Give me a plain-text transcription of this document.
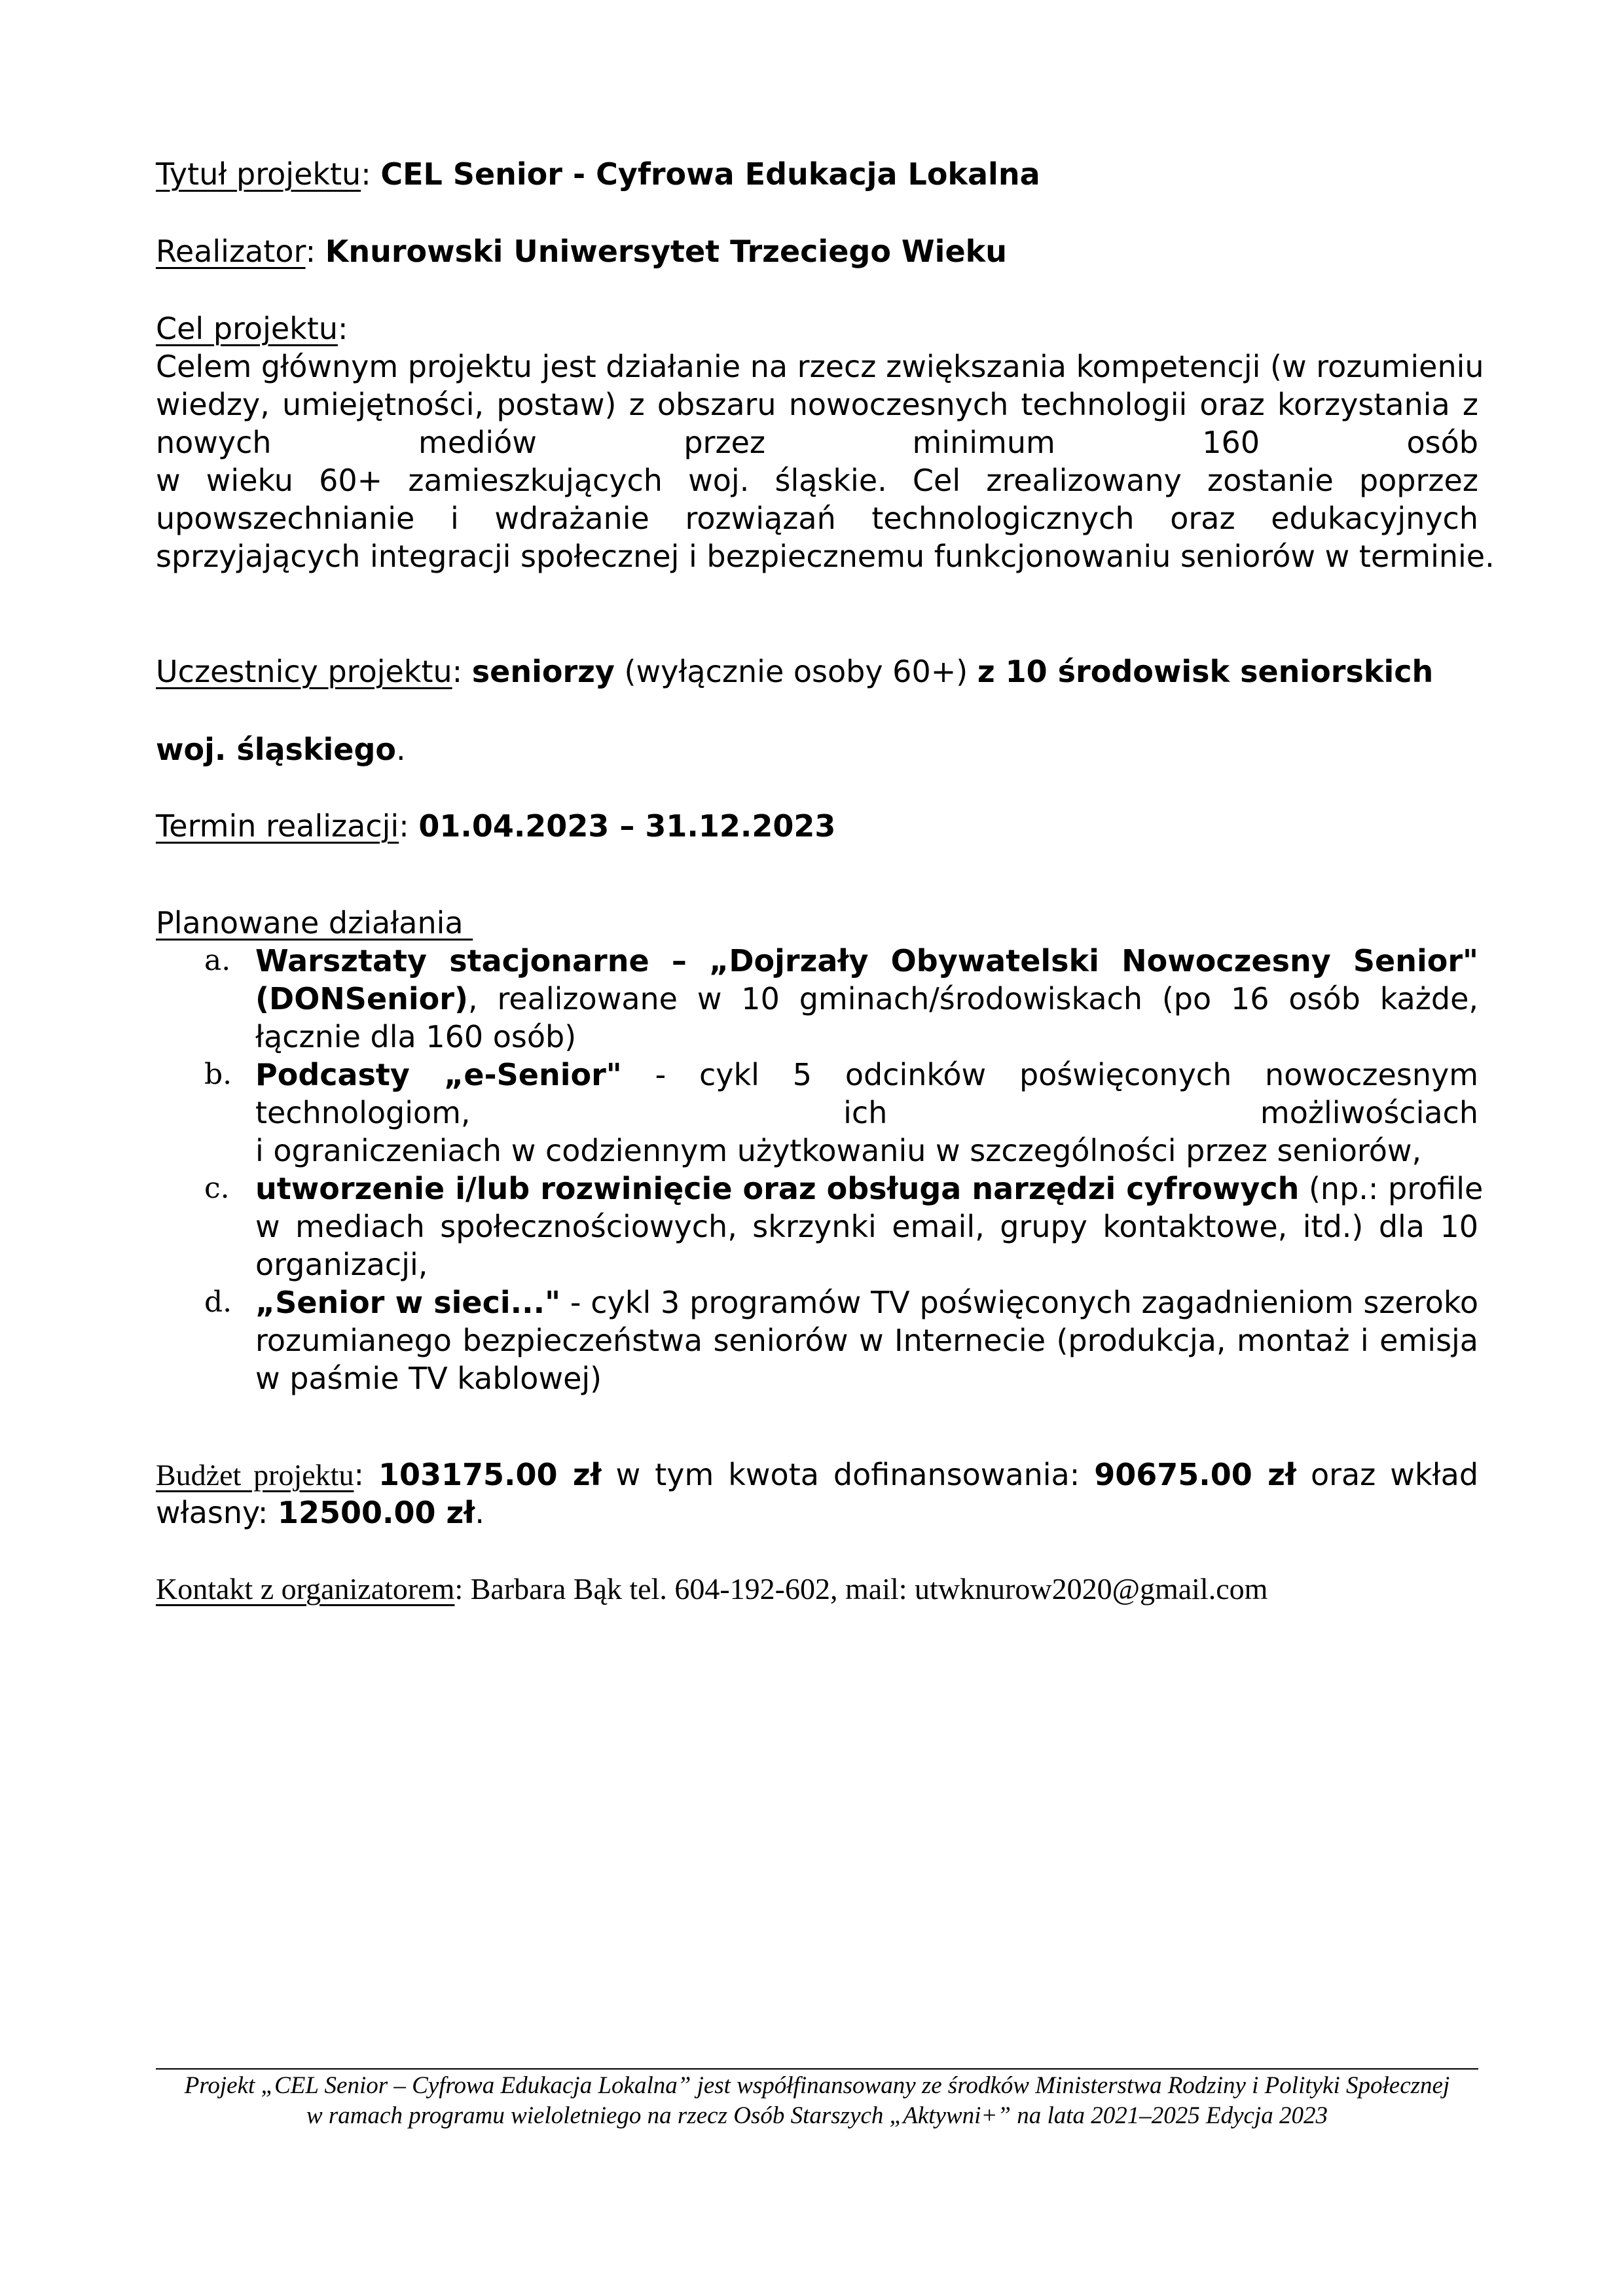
Tytuł projektu: CEL Senior - Cyfrowa Edukacja Lokalna
Realizator: Knurowski Uniwersytet Trzeciego Wieku
Cel projektu:
Celem głównym projektu jest działanie na rzecz zwiększania kompetencji (w rozumieniu
wiedzy, umiejętności, postaw) z obszaru nowoczesnych technologii oraz korzystania z
nowych mediów przez minimum 160 osób
w wieku 60+ zamieszkujących woj. śląskie. Cel zrealizowany zostanie poprzez
upowszechnianie i wdrażanie rozwiązań technologicznych oraz edukacyjnych
sprzyjających integracji społecznej i bezpiecznemu funkcjonowaniu seniorów w terminie.
Uczestnicy projektu: seniorzy (wyłącznie osoby 60+) z 10 środowisk seniorskich
woj. śląskiego.
Termin realizacji: 01.04.2023 – 31.12.2023
Planowane działania
a. Warsztaty stacjonarne – „Dojrzały Obywatelski Nowoczesny Senior"
(DONSenior), realizowane w 10 gminach/środowiskach (po 16 osób każde,
łącznie dla 160 osób)
b. Podcasty „e-Senior" - cykl 5 odcinków poświęconych nowoczesnym
technologiom, ich możliwościach
i ograniczeniach w codziennym użytkowaniu w szczególności przez seniorów,
c. utworzenie i/lub rozwinięcie oraz obsługa narzędzi cyfrowych (np.: profile
w mediach społecznościowych, skrzynki email, grupy kontaktowe, itd.) dla 10
organizacji,
d. „Senior w sieci..." - cykl 3 programów TV poświęconych zagadnieniom szeroko
rozumianego bezpieczeństwa seniorów w Internecie (produkcja, montaż i emisja
w paśmie TV kablowej)
Budżet projektu: 103175.00 zł w tym kwota dofinansowania: 90675.00 zł oraz wkład
własny: 12500.00 zł.
Kontakt z organizatorem: Barbara Bąk tel. 604-192-602, mail: utwknurow2020@gmail.com
Projekt „CEL Senior – Cyfrowa Edukacja Lokalna” jest współfinansowany ze środków Ministerstwa Rodziny i Polityki Społecznej
w ramach programu wieloletniego na rzecz Osób Starszych „Aktywni+” na lata 2021–2025 Edycja 2023
